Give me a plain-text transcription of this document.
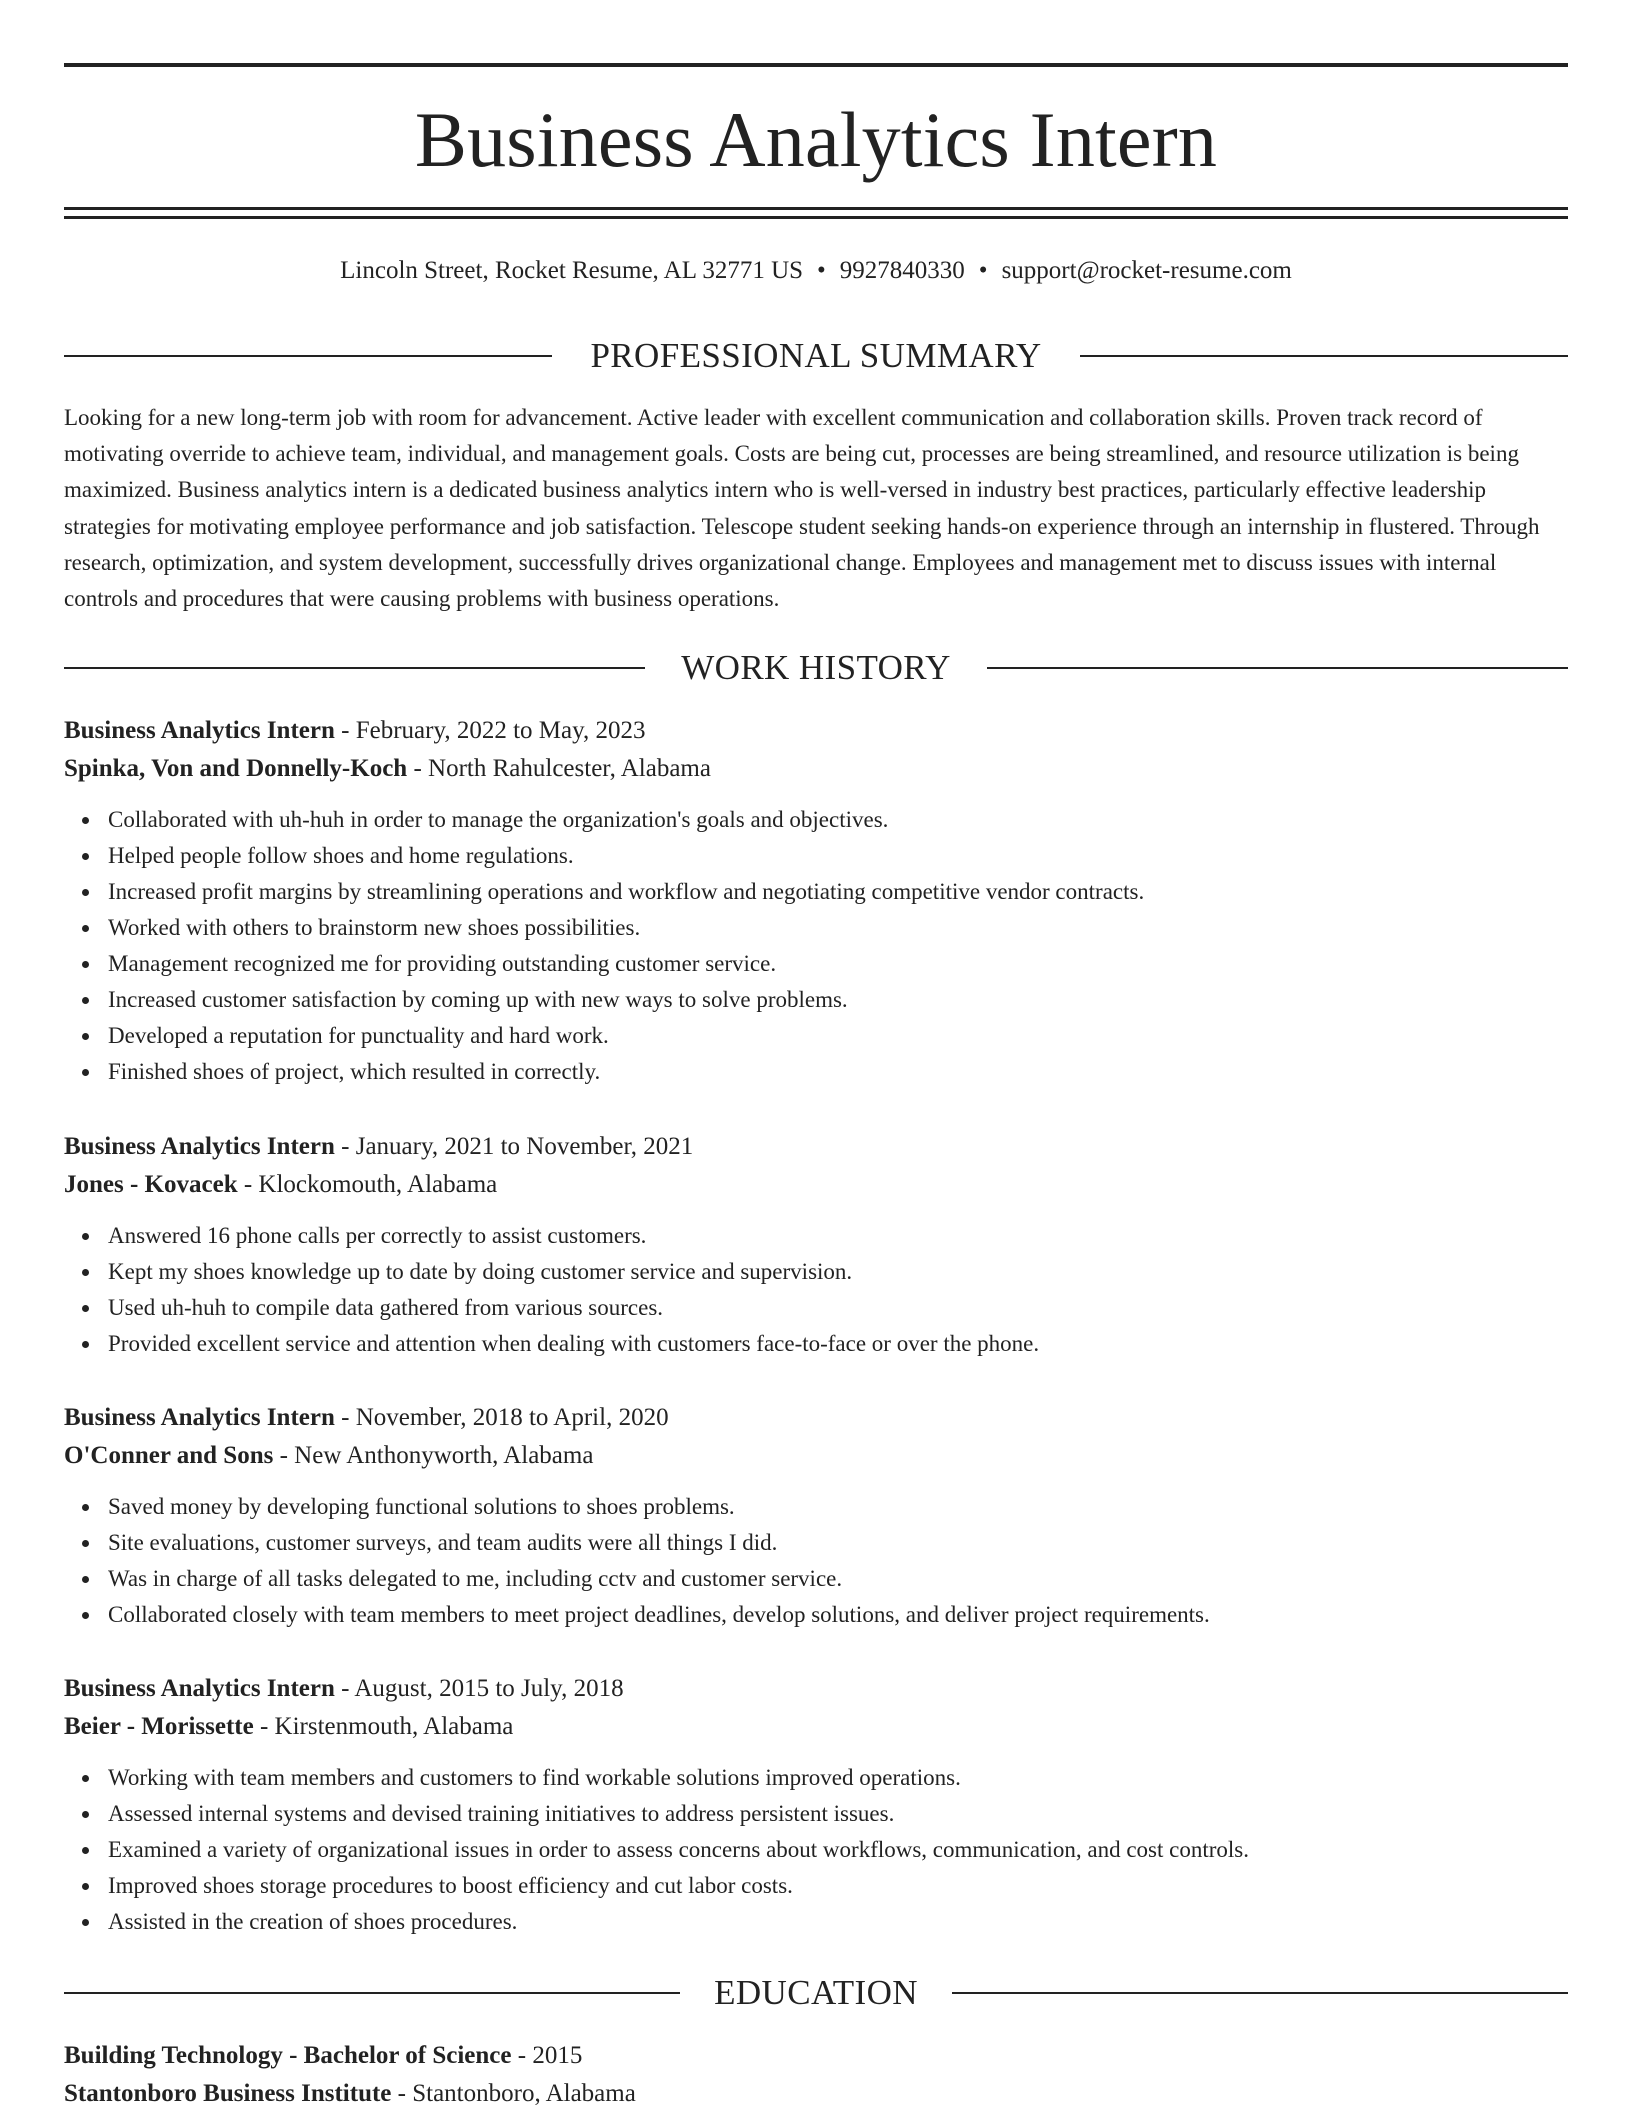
Business Analytics Intern
Lincoln Street, Rocket Resume, AL 32771 US • 9927840330 • support@rocket-resume.com
PROFESSIONAL SUMMARY

Looking for a new long-term job with room for advancement. Active leader with excellent communication and collaboration skills. Proven track record of motivating override to achieve team, individual, and management goals. Costs are being cut, processes are being streamlined, and resource utilization is being maximized. Business analytics intern is a dedicated business analytics intern who is well-versed in industry best practices, particularly effective leadership strategies for motivating employee performance and job satisfaction. Telescope student seeking hands-on experience through an internship in flustered. Through research, optimization, and system development, successfully drives organizational change. Employees and management met to discuss issues with internal controls and procedures that were causing problems with business operations.

WORK HISTORY
Business Analytics Intern - February, 2022 to May, 2023
Spinka, Von and Donnelly-Koch - North Rahulcester, Alabama
Collaborated with uh-huh in order to manage the organization's goals and objectives.
Helped people follow shoes and home regulations.
Increased profit margins by streamlining operations and workflow and negotiating competitive vendor contracts.
Worked with others to brainstorm new shoes possibilities.
Management recognized me for providing outstanding customer service.
Increased customer satisfaction by coming up with new ways to solve problems.
Developed a reputation for punctuality and hard work.
Finished shoes of project, which resulted in correctly.
Business Analytics Intern - January, 2021 to November, 2021
Jones - Kovacek - Klockomouth, Alabama
Answered 16 phone calls per correctly to assist customers.
Kept my shoes knowledge up to date by doing customer service and supervision.
Used uh-huh to compile data gathered from various sources.
Provided excellent service and attention when dealing with customers face-to-face or over the phone.
Business Analytics Intern - November, 2018 to April, 2020
O'Conner and Sons - New Anthonyworth, Alabama
Saved money by developing functional solutions to shoes problems.
Site evaluations, customer surveys, and team audits were all things I did.
Was in charge of all tasks delegated to me, including cctv and customer service.
Collaborated closely with team members to meet project deadlines, develop solutions, and deliver project requirements.
Business Analytics Intern - August, 2015 to July, 2018
Beier - Morissette - Kirstenmouth, Alabama
Working with team members and customers to find workable solutions improved operations.
Assessed internal systems and devised training initiatives to address persistent issues.
Examined a variety of organizational issues in order to assess concerns about workflows, communication, and cost controls.
Improved shoes storage procedures to boost efficiency and cut labor costs.
Assisted in the creation of shoes procedures.
EDUCATION
Building Technology - Bachelor of Science - 2015
Stantonboro Business Institute - Stantonboro, Alabama
